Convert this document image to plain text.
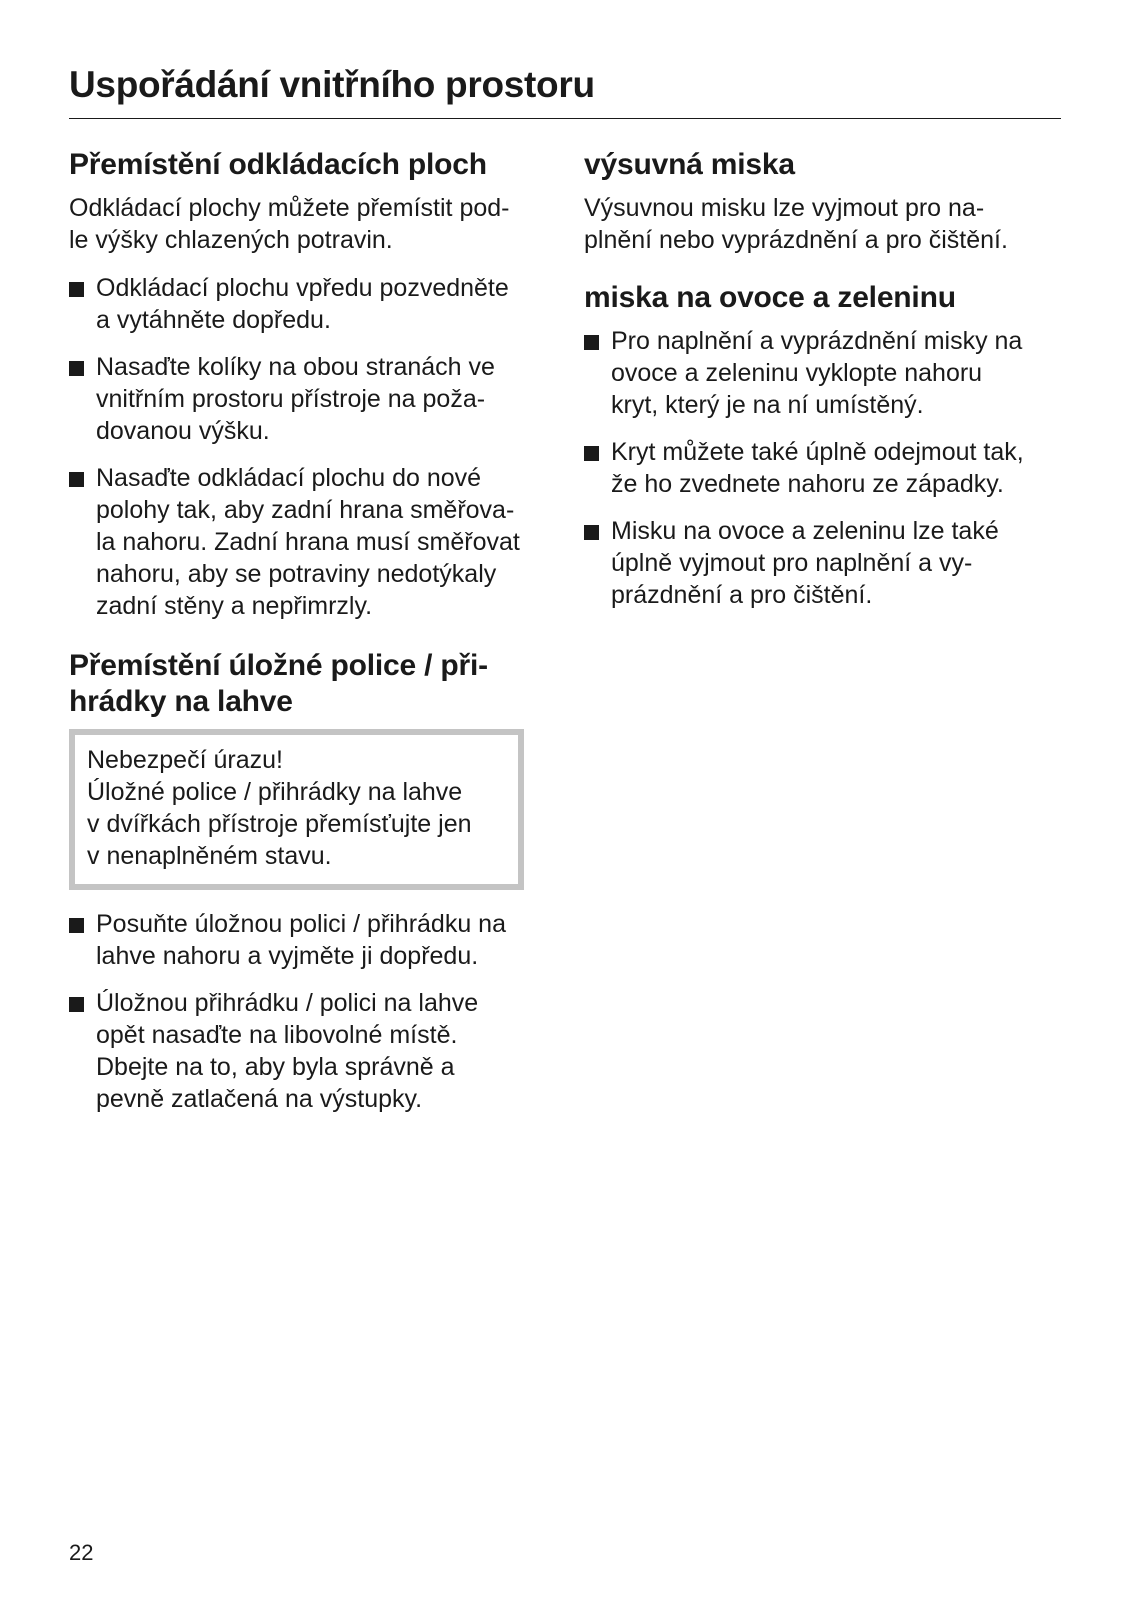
Uspořádání vnitřního prostoru
Přemístění odkládacích ploch

Odkládací plochy můžete přemístit pod-
le výšky chlazených potravin.

Odkládací plochu vpředu pozvedněte
a vytáhněte dopředu.
Nasaďte kolíky na obou stranách ve
vnitřním prostoru přístroje na poža-
dovanou výšku.
Nasaďte odkládací plochu do nové
polohy tak, aby zadní hrana směřova-
la nahoru. Zadní hrana musí směřovat
nahoru, aby se potraviny nedotýkaly
zadní stěny a nepřimrzly.
Přemístění úložné police / při-
hrádky na lahve
Nebezpečí úrazu!
Úložné police / přihrádky na lahve
v dvířkách přístroje přemísťujte jen
v nenaplněném stavu.
Posuňte úložnou polici / přihrádku na
lahve nahoru a vyjměte ji dopředu.
Úložnou přihrádku / polici na lahve
opět nasaďte na libovolné místě.
Dbejte na to, aby byla správně a
pevně zatlačená na výstupky.
výsuvná miska

Výsuvnou misku lze vyjmout pro na-
plnění nebo vyprázdnění a pro čištění.

miska na ovoce a zeleninu
Pro naplnění a vyprázdnění misky na
ovoce a zeleninu vyklopte nahoru
kryt, který je na ní umístěný.
Kryt můžete také úplně odejmout tak,
že ho zvednete nahoru ze západky.
Misku na ovoce a zeleninu lze také
úplně vyjmout pro naplnění a vy-
prázdnění a pro čištění.
22
